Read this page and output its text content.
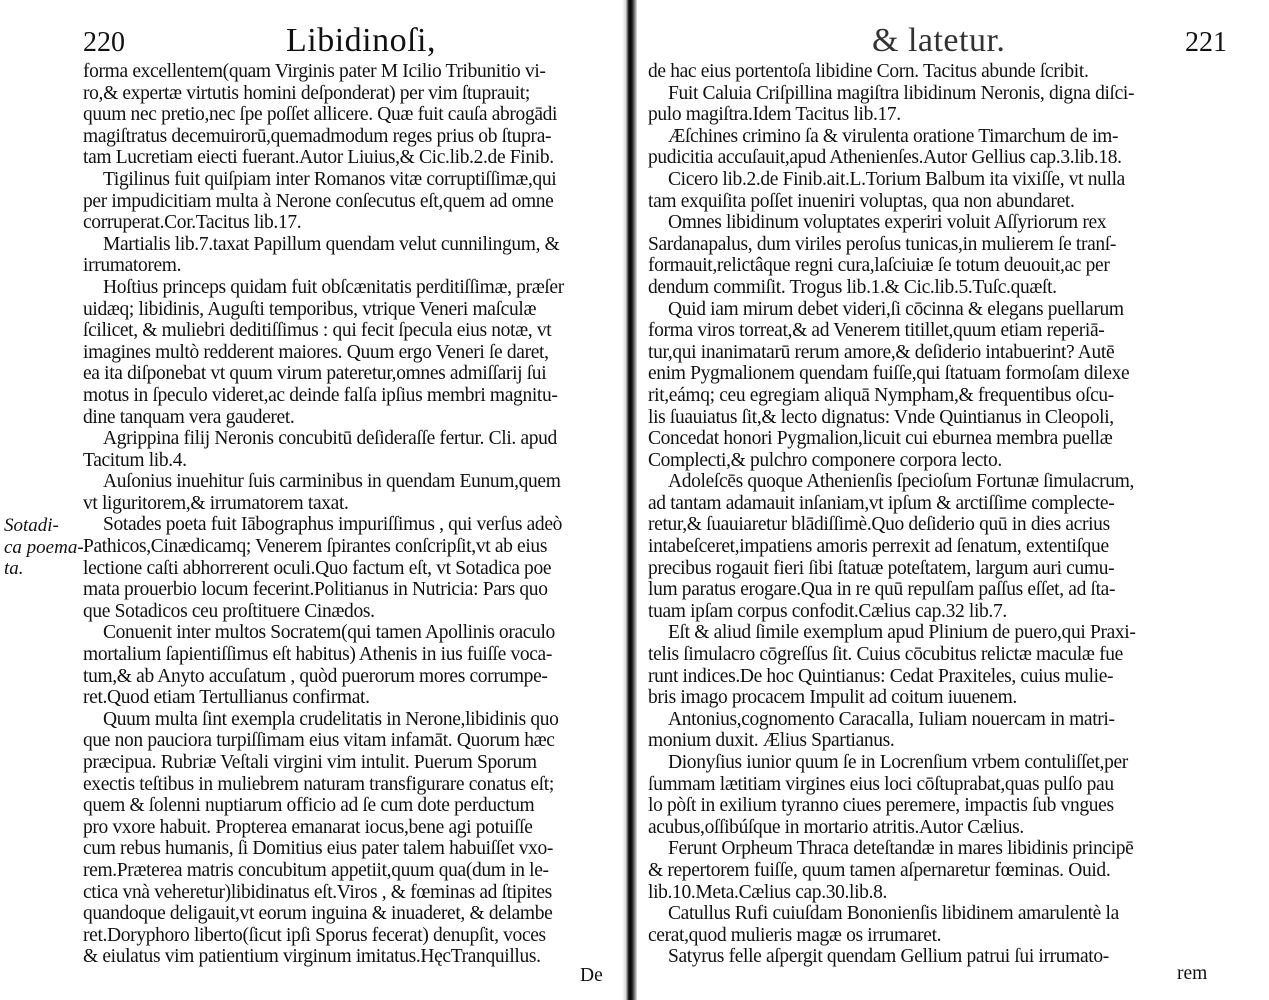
220	Libidinoſi,
Sotadi-
ca poema-
ta.
forma excellentem(quam Virginis pater M Icilio Tribunitio vi-
ro,& expertæ virtutis homini deſponderat) per vim ſtuprauit;
quum nec pretio,nec ſpe poſſet allicere. Quæ fuit cauſa abrogādi
magiſtratus decemuirorū,quemadmodum reges prius ob ſtupra-
tam Lucretiam eiecti fuerant.Autor Liuius,& Cic.lib.2.de Finib.
Tigilinus fuit quiſpiam inter Romanos vitæ corruptiſſimæ,qui
per impudicitiam multa à Nerone conſecutus eſt,quem ad omne
corruperat.Cor.Tacitus lib.17.
Martialis lib.7.taxat Papillum quendam velut cunnilingum, &
irrumatorem.
Hoſtius princeps quidam fuit obſcænitatis perditiſſimæ, præſer
uidæq; libidinis, Auguſti temporibus, vtrique Veneri maſculæ
ſcilicet, & muliebri deditiſſimus : qui fecit ſpecula eius notæ, vt
imagines multò redderent maiores. Quum ergo Veneri ſe daret,
ea ita diſponebat vt quum virum pateretur,omnes admiſſarij ſui
motus in ſpeculo videret,ac deinde falſa ipſius membri magnitu-
dine tanquam vera gauderet.
Agrippina filij Neronis concubitū deſideraſſe fertur. Cli. apud
Tacitum lib.4.
Auſonius inuehitur ſuis carminibus in quendam Eunum,quem
vt liguritorem,& irrumatorem taxat.
Sotades poeta fuit Iābographus impuriſſimus , qui verſus adeò
Pathicos,Cinædicamq; Venerem ſpirantes conſcripſit,vt ab eius
lectione caſti abhorrerent oculi.Quo factum eſt, vt Sotadica poe
mata prouerbio locum fecerint.Politianus in Nutricia: Pars quo
que Sotadicos ceu proſtituere Cinædos.
Conuenit inter multos Socratem(qui tamen Apollinis oraculo
mortalium ſapientiſſimus eſt habitus) Athenis in ius fuiſſe voca-
tum,& ab Anyto accuſatum , quòd puerorum mores corrumpe-
ret.Quod etiam Tertullianus confirmat.
Quum multa ſint exempla crudelitatis in Nerone,libidinis quo
que non pauciora turpiſſimam eius vitam infamāt. Quorum hæc
præcipua. Rubriæ Veſtali virgini vim intulit. Puerum Sporum
exectis teſtibus in muliebrem naturam transfigurare conatus eſt;
quem & ſolenni nuptiarum officio ad ſe cum dote perductum
pro vxore habuit. Propterea emanarat iocus,bene agi potuiſſe
cum rebus humanis, ſi Domitius eius pater talem habuiſſet vxo-
rem.Præterea matris concubitum appetiit,quum qua(dum in le-
ctica vnà veheretur)libidinatus eſt.Viros , & fœminas ad ſtipites
quandoque deligauit,vt eorum inguina & inuaderet, & delambe
ret.Doryphoro liberto(ſicut ipſi Sporus fecerat) denupſit, voces
& eiulatus vim patientium virginum imitatus.HęcTranquillus.
De
& latetur.	221
de hac eius portentoſa libidine Corn. Tacitus abunde ſcribit.
Fuit Caluia Criſpillina magiſtra libidinum Neronis, digna diſci-
pulo magiſtra.Idem Tacitus lib.17.
Æſchines crimino ſa & virulenta oratione Timarchum de im-
pudicitia accuſauit,apud Athenienſes.Autor Gellius cap.3.lib.18.
Cicero lib.2.de Finib.ait.L.Torium Balbum ita vixiſſe, vt nulla
tam exquiſita poſſet inueniri voluptas, qua non abundaret.
Omnes libidinum voluptates experiri voluit Aſſyriorum rex
Sardanapalus, dum viriles peroſus tunicas,in mulierem ſe tranſ-
formauit,relictâque regni cura,laſciuiæ ſe totum deuouit,ac per
dendum commiſit. Trogus lib.1.& Cic.lib.5.Tuſc.quæſt.
Quid iam mirum debet videri,ſi cōcinna & elegans puellarum
forma viros torreat,& ad Venerem titillet,quum etiam reperiā-
tur,qui inanimatarū rerum amore,& deſiderio intabuerint? Autē
enim Pygmalionem quendam fuiſſe,qui ſtatuam formoſam dilexe
rit,eámq; ceu egregiam aliquā Nympham,& frequentibus oſcu-
lis ſuauiatus ſit,& lecto dignatus: Vnde Quintianus in Cleopoli,
Concedat honori Pygmalion,licuit cui eburnea membra puellæ
Complecti,& pulchro componere corpora lecto.
Adoleſcēs quoque Athenienſis ſpecioſum Fortunæ ſimulacrum,
ad tantam adamauit inſaniam,vt ipſum & arctiſſime complecte-
retur,& ſuauiaretur blādiſſimè.Quo deſiderio quū in dies acrius
intabeſceret,impatiens amoris perrexit ad ſenatum, extentiſque
precibus rogauit fieri ſibi ſtatuæ poteſtatem, largum auri cumu-
lum paratus erogare.Qua in re quū repulſam paſſus eſſet, ad ſta-
tuam ipſam corpus confodit.Cælius cap.32 lib.7.
Eſt & aliud ſimile exemplum apud Plinium de puero,qui Praxi-
telis ſimulacro cōgreſſus ſit. Cuius cōcubitus relictæ maculæ fue
runt indices.De hoc Quintianus: Cedat Praxiteles, cuius mulie-
bris imago procacem Impulit ad coitum iuuenem.
Antonius,cognomento Caracalla, Iuliam nouercam in matri-
monium duxit. Ælius Spartianus.
Dionyſius iunior quum ſe in Locrenſium vrbem contuliſſet,per
ſummam lætitiam virgines eius loci cōſtuprabat,quas pulſo pau
lo pòſt in exilium tyranno ciues peremere, impactis ſub vngues
acubus,oſſibúſque in mortario atritis.Autor Cælius.
Ferunt Orpheum Thraca deteſtandæ in mares libidinis principē
& repertorem fuiſſe, quum tamen aſpernaretur fœminas. Ouid.
lib.10.Meta.Cælius cap.30.lib.8.
Catullus Rufi cuiuſdam Bononienſis libidinem amarulentè la
cerat,quod mulieris magæ os irrumaret.
Satyrus felle aſpergit quendam Gellium patrui ſui irrumato-
rem
